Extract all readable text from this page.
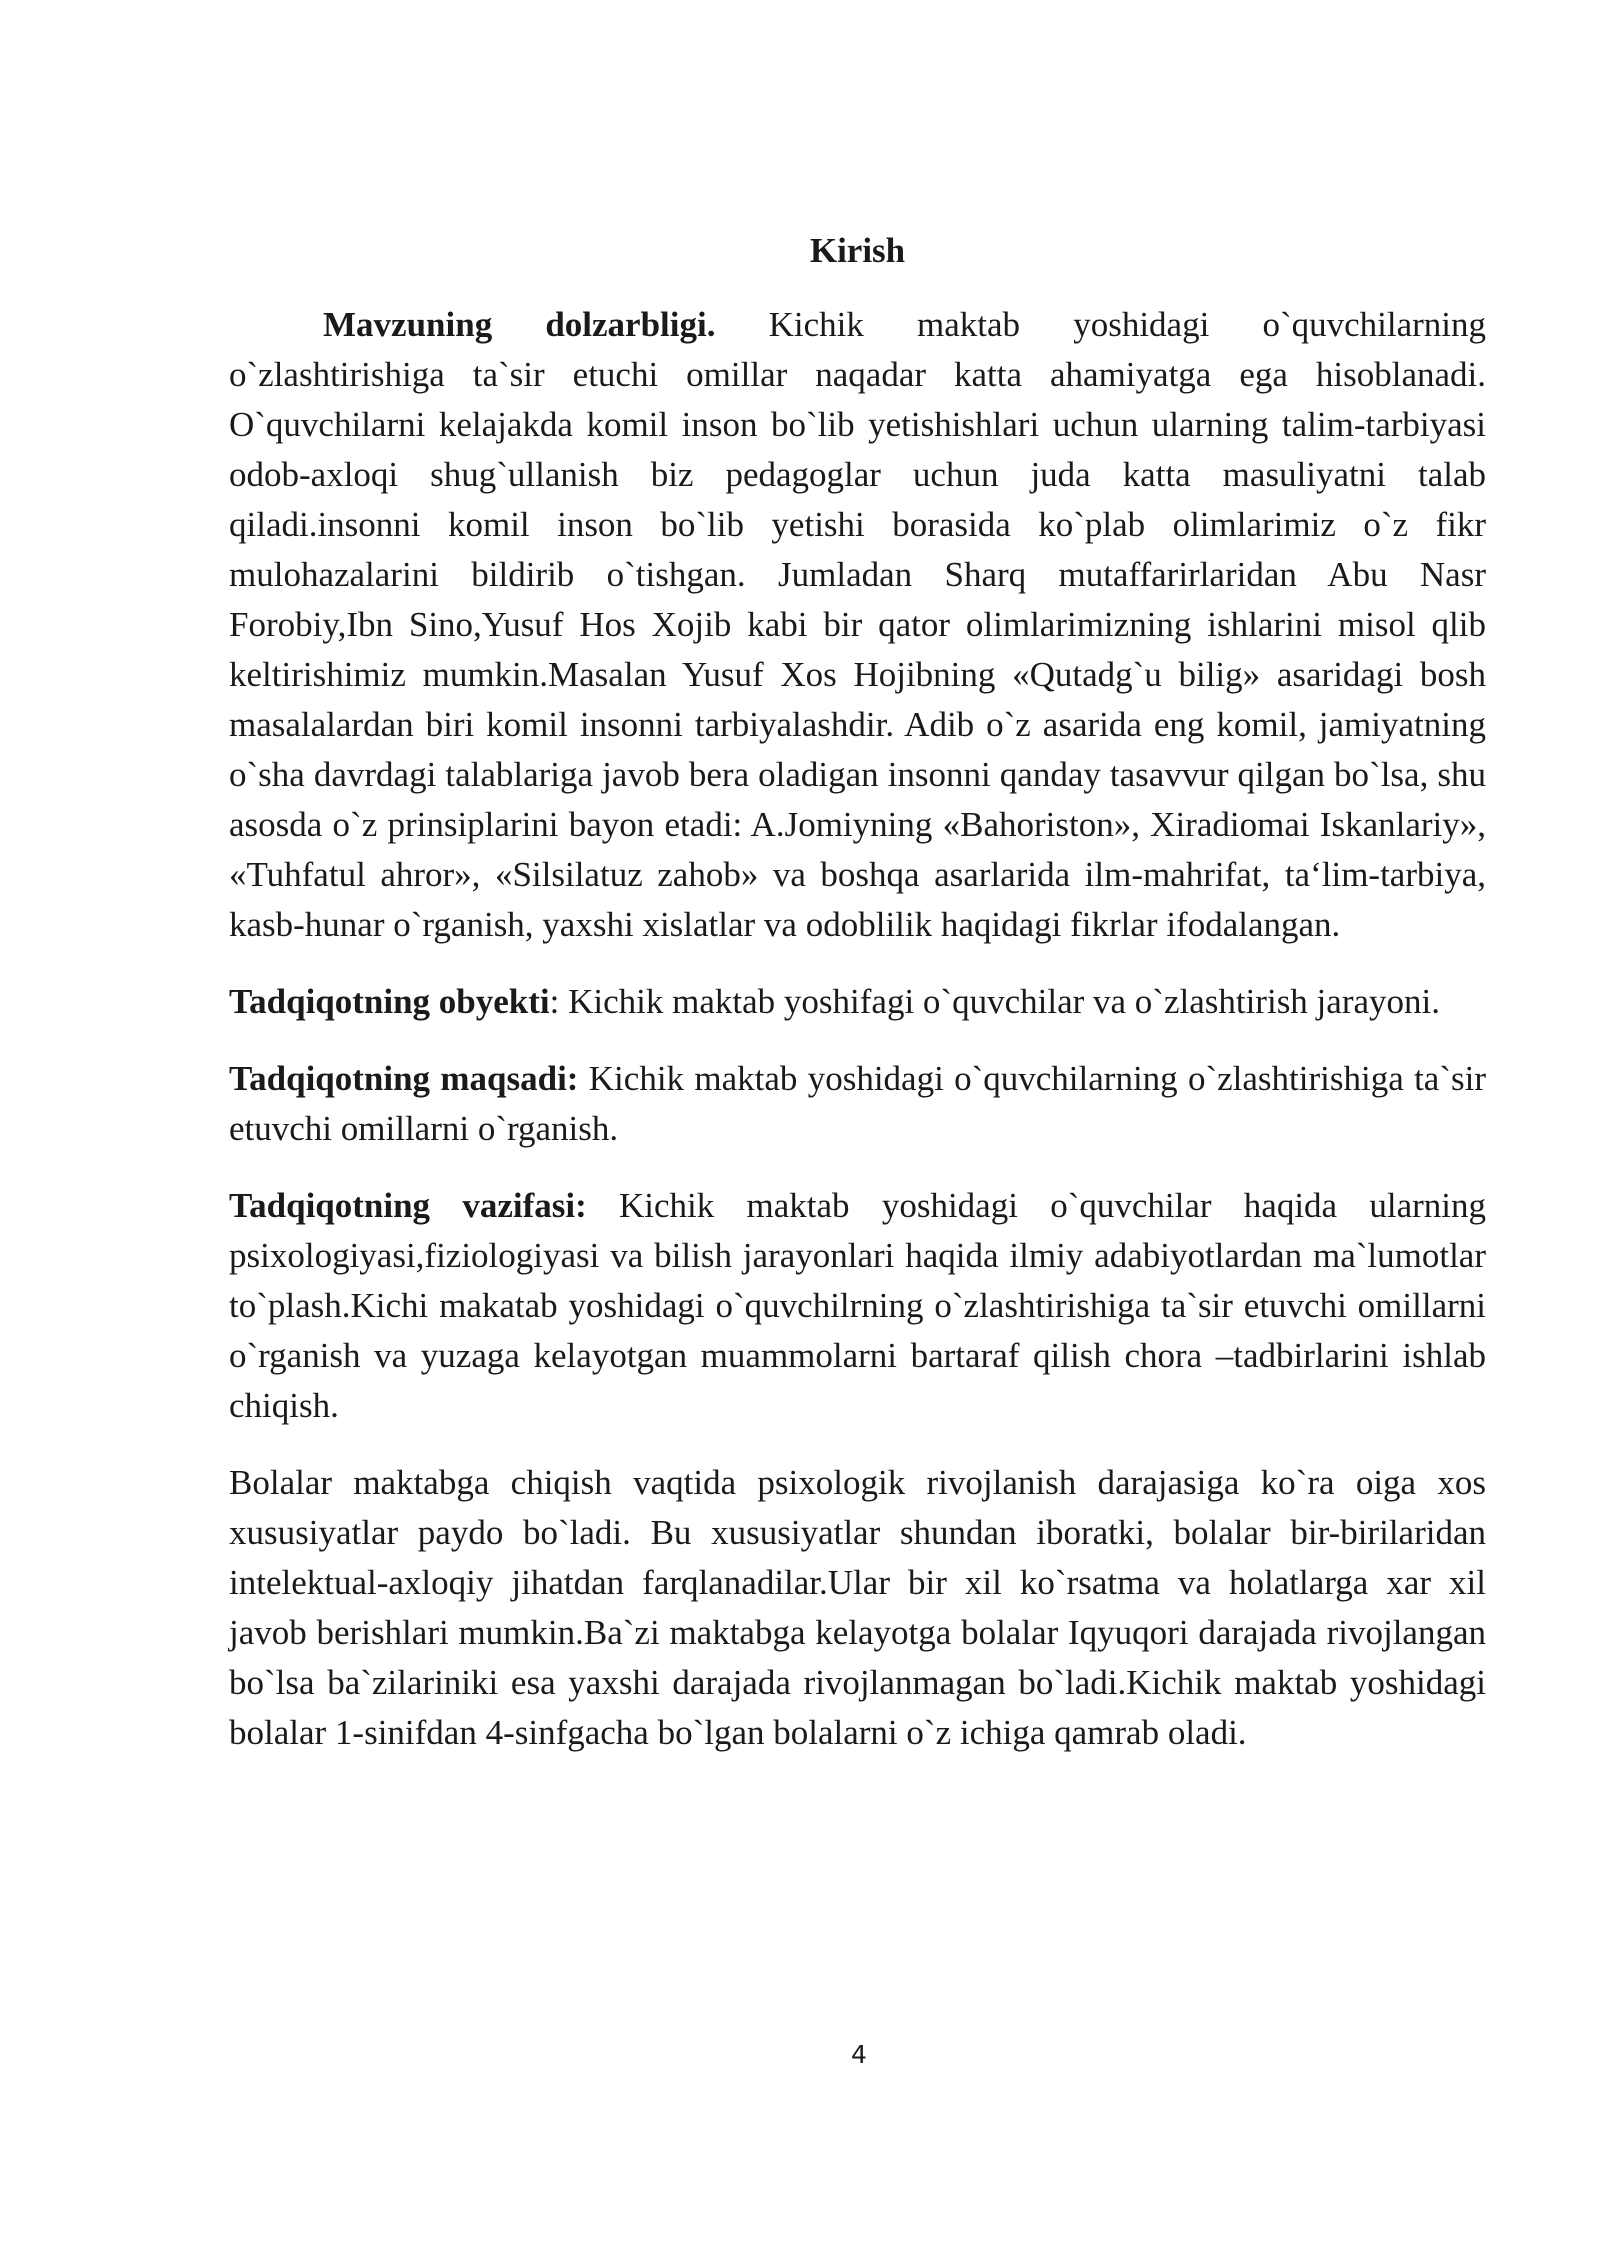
Kirish

Mavzuning dolzarbligi. Kichik maktab yoshidagi o`quvchilarning o`zlashtirishiga ta`sir etuchi omillar naqadar katta ahamiyatga ega hisoblanadi. O`quvchilarni kelajakda komil inson bo`lib yetishishlari uchun ularning talim-tarbiyasi odob-axloqi shug`ullanish biz pedagoglar uchun juda katta masuliyatni talab qiladi.insonni komil inson bo`lib yetishi borasida ko`plab olimlarimiz o`z fikr mulohazalarini bildirib o`tishgan. Jumladan Sharq mutaffarirlaridan Abu Nasr Forobiy,Ibn Sino,Yusuf Hos Xojib kabi bir qator olimlarimizning ishlarini misol qlib keltirishimiz mumkin.Masalan Yusuf Xos Hojibning «Qutadg`u bilig» asaridagi bosh masalalardan biri komil insonni tarbiyalashdir. Adib o`z asarida eng komil, jamiyatning o`sha davrdagi talablariga javob bera oladigan insonni qanday tasavvur qilgan bo`lsa, shu asosda o`z prinsiplarini bayon etadi: A.Jomiyning «Bahoriston», Xiradiomai Iskanlariy», «Tuhfatul ahror», «Silsilatuz zahob» va boshqa asarlarida ilm-mahrifat, ta‘lim-tarbiya, kasb-hunar o`rganish, yaxshi xislatlar va odoblilik haqidagi fikrlar ifodalangan.

Tadqiqotning obyekti: Kichik maktab yoshifagi o`quvchilar va o`zlashtirish jarayoni.

Tadqiqotning maqsadi: Kichik maktab yoshidagi o`quvchilarning o`zlashtirishiga ta`sir etuvchi omillarni o`rganish.

Tadqiqotning vazifasi: Kichik maktab yoshidagi o`quvchilar haqida ularning psixologiyasi,fiziologiyasi va bilish jarayonlari haqida ilmiy adabiyotlardan ma`lumotlar to`plash.Kichi makatab yoshidagi o`quvchilrning o`zlashtirishiga ta`sir etuvchi omillarni o`rganish va yuzaga kelayotgan muammolarni bartaraf qilish chora –tadbirlarini ishlab chiqish.

Bolalar maktabga chiqish vaqtida psixologik rivojlanish darajasiga ko`ra oiga xos xususiyatlar paydo bo`ladi. Bu xususiyatlar shundan iboratki, bolalar bir-birilaridan intelektual-axloqiy jihatdan farqlanadilar.Ular bir xil ko`rsatma va holatlarga xar xil javob berishlari mumkin.Ba`zi maktabga kelayotga bolalar Iqyuqori darajada rivojlangan bo`lsa ba`zilariniki esa yaxshi darajada rivojlanmagan bo`ladi.Kichik maktab yoshidagi bolalar 1-sinifdan 4-sinfgacha bo`lgan bolalarni o`z ichiga qamrab oladi.

4
